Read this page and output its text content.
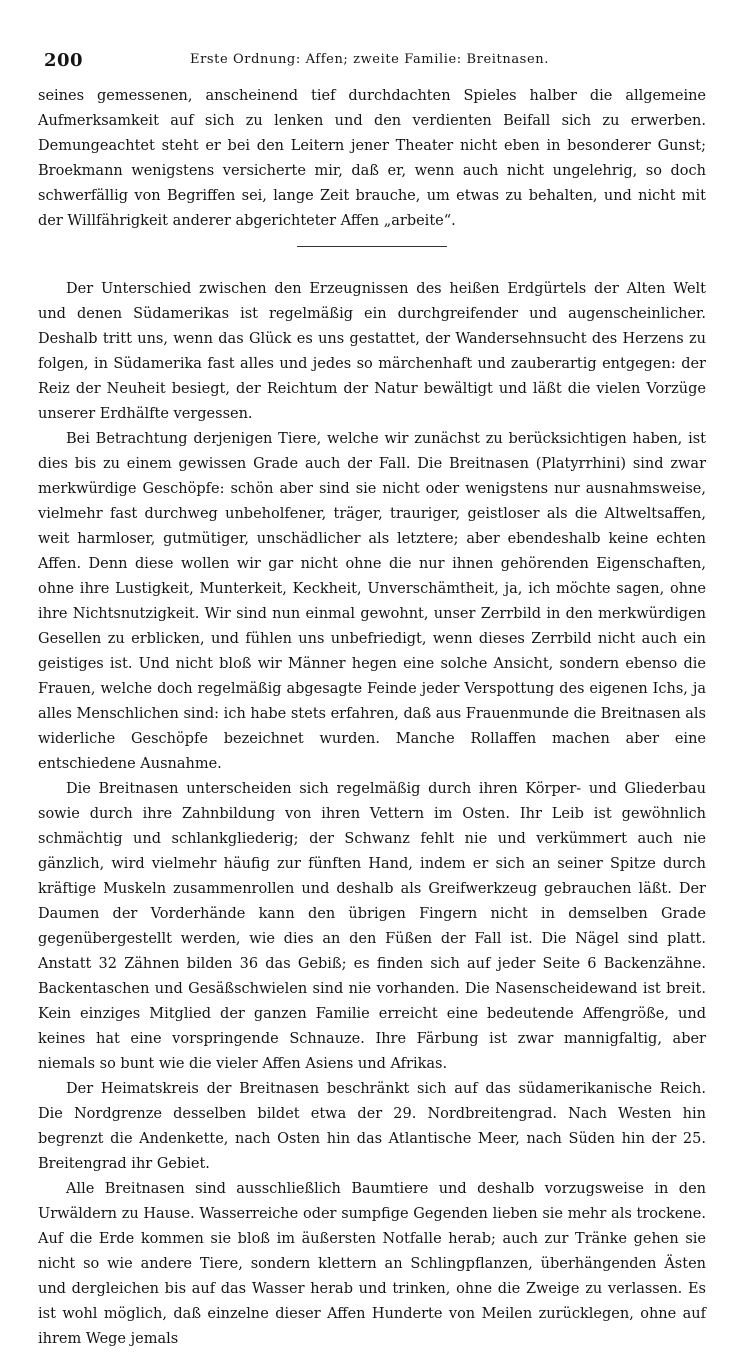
200	Erste Ordnung: Affen; zweite Familie: Breitnasen.

seines gemessenen, anscheinend tief durchdachten Spieles halber die allgemeine Aufmerksamkeit auf sich zu lenken und den verdienten Beifall sich zu erwerben. Demungeachtet steht er bei den Leitern jener Theater nicht eben in besonderer Gunst; Broekmann wenigstens versicherte mir, daß er, wenn auch nicht ungelehrig, so doch schwerfällig von Begriffen sei, lange Zeit brauche, um etwas zu behalten, und nicht mit der Willfährigkeit anderer abgerichteter Affen „arbeite“.

Der Unterschied zwischen den Erzeugnissen des heißen Erdgürtels der Alten Welt und denen Südamerikas ist regelmäßig ein durchgreifender und augenscheinlicher. Deshalb tritt uns, wenn das Glück es uns gestattet, der Wandersehnsucht des Herzens zu folgen, in Südamerika fast alles und jedes so märchenhaft und zauberartig entgegen: der Reiz der Neuheit besiegt, der Reichtum der Natur bewältigt und läßt die vielen Vorzüge unserer Erdhälfte vergessen.

Bei Betrachtung derjenigen Tiere, welche wir zunächst zu berücksichtigen haben, ist dies bis zu einem gewissen Grade auch der Fall. Die Breitnasen (Platyrrhini) sind zwar merkwürdige Geschöpfe: schön aber sind sie nicht oder wenigstens nur ausnahmsweise, vielmehr fast durchweg unbeholfener, träger, trauriger, geistloser als die Altweltsaffen, weit harmloser, gutmütiger, unschädlicher als letztere; aber ebendeshalb keine echten Affen. Denn diese wollen wir gar nicht ohne die nur ihnen gehörenden Eigenschaften, ohne ihre Lustigkeit, Munterkeit, Keckheit, Unverschämtheit, ja, ich möchte sagen, ohne ihre Nichtsnutzigkeit. Wir sind nun einmal gewohnt, unser Zerrbild in den merkwürdigen Gesellen zu erblicken, und fühlen uns unbefriedigt, wenn dieses Zerrbild nicht auch ein geistiges ist. Und nicht bloß wir Männer hegen eine solche Ansicht, sondern ebenso die Frauen, welche doch regelmäßig abgesagte Feinde jeder Verspottung des eigenen Ichs, ja alles Menschlichen sind: ich habe stets erfahren, daß aus Frauenmunde die Breitnasen als widerliche Geschöpfe bezeichnet wurden. Manche Rollaffen machen aber eine entschiedene Ausnahme.

Die Breitnasen unterscheiden sich regelmäßig durch ihren Körper- und Gliederbau sowie durch ihre Zahnbildung von ihren Vettern im Osten. Ihr Leib ist gewöhnlich schmächtig und schlankgliederig; der Schwanz fehlt nie und verkümmert auch nie gänzlich, wird vielmehr häufig zur fünften Hand, indem er sich an seiner Spitze durch kräftige Muskeln zusammenrollen und deshalb als Greifwerkzeug gebrauchen läßt. Der Daumen der Vorderhände kann den übrigen Fingern nicht in demselben Grade gegenübergestellt werden, wie dies an den Füßen der Fall ist. Die Nägel sind platt. Anstatt 32 Zähnen bilden 36 das Gebiß; es finden sich auf jeder Seite 6 Backenzähne. Backentaschen und Gesäßschwielen sind nie vorhanden. Die Nasenscheidewand ist breit. Kein einziges Mitglied der ganzen Familie erreicht eine bedeutende Affengröße, und keines hat eine vorspringende Schnauze. Ihre Färbung ist zwar mannigfaltig, aber niemals so bunt wie die vieler Affen Asiens und Afrikas.

Der Heimatskreis der Breitnasen beschränkt sich auf das südamerikanische Reich. Die Nordgrenze desselben bildet etwa der 29. Nordbreitengrad. Nach Westen hin begrenzt die Andenkette, nach Osten hin das Atlantische Meer, nach Süden hin der 25. Breitengrad ihr Gebiet.

Alle Breitnasen sind ausschließlich Baumtiere und deshalb vorzugsweise in den Urwäldern zu Hause. Wasserreiche oder sumpfige Gegenden lieben sie mehr als trockene. Auf die Erde kommen sie bloß im äußersten Notfalle herab; auch zur Tränke gehen sie nicht so wie andere Tiere, sondern klettern an Schlingpflanzen, überhängenden Ästen und dergleichen bis auf das Wasser herab und trinken, ohne die Zweige zu verlassen. Es ist wohl möglich, daß einzelne dieser Affen Hunderte von Meilen zurücklegen, ohne auf ihrem Wege jemals
